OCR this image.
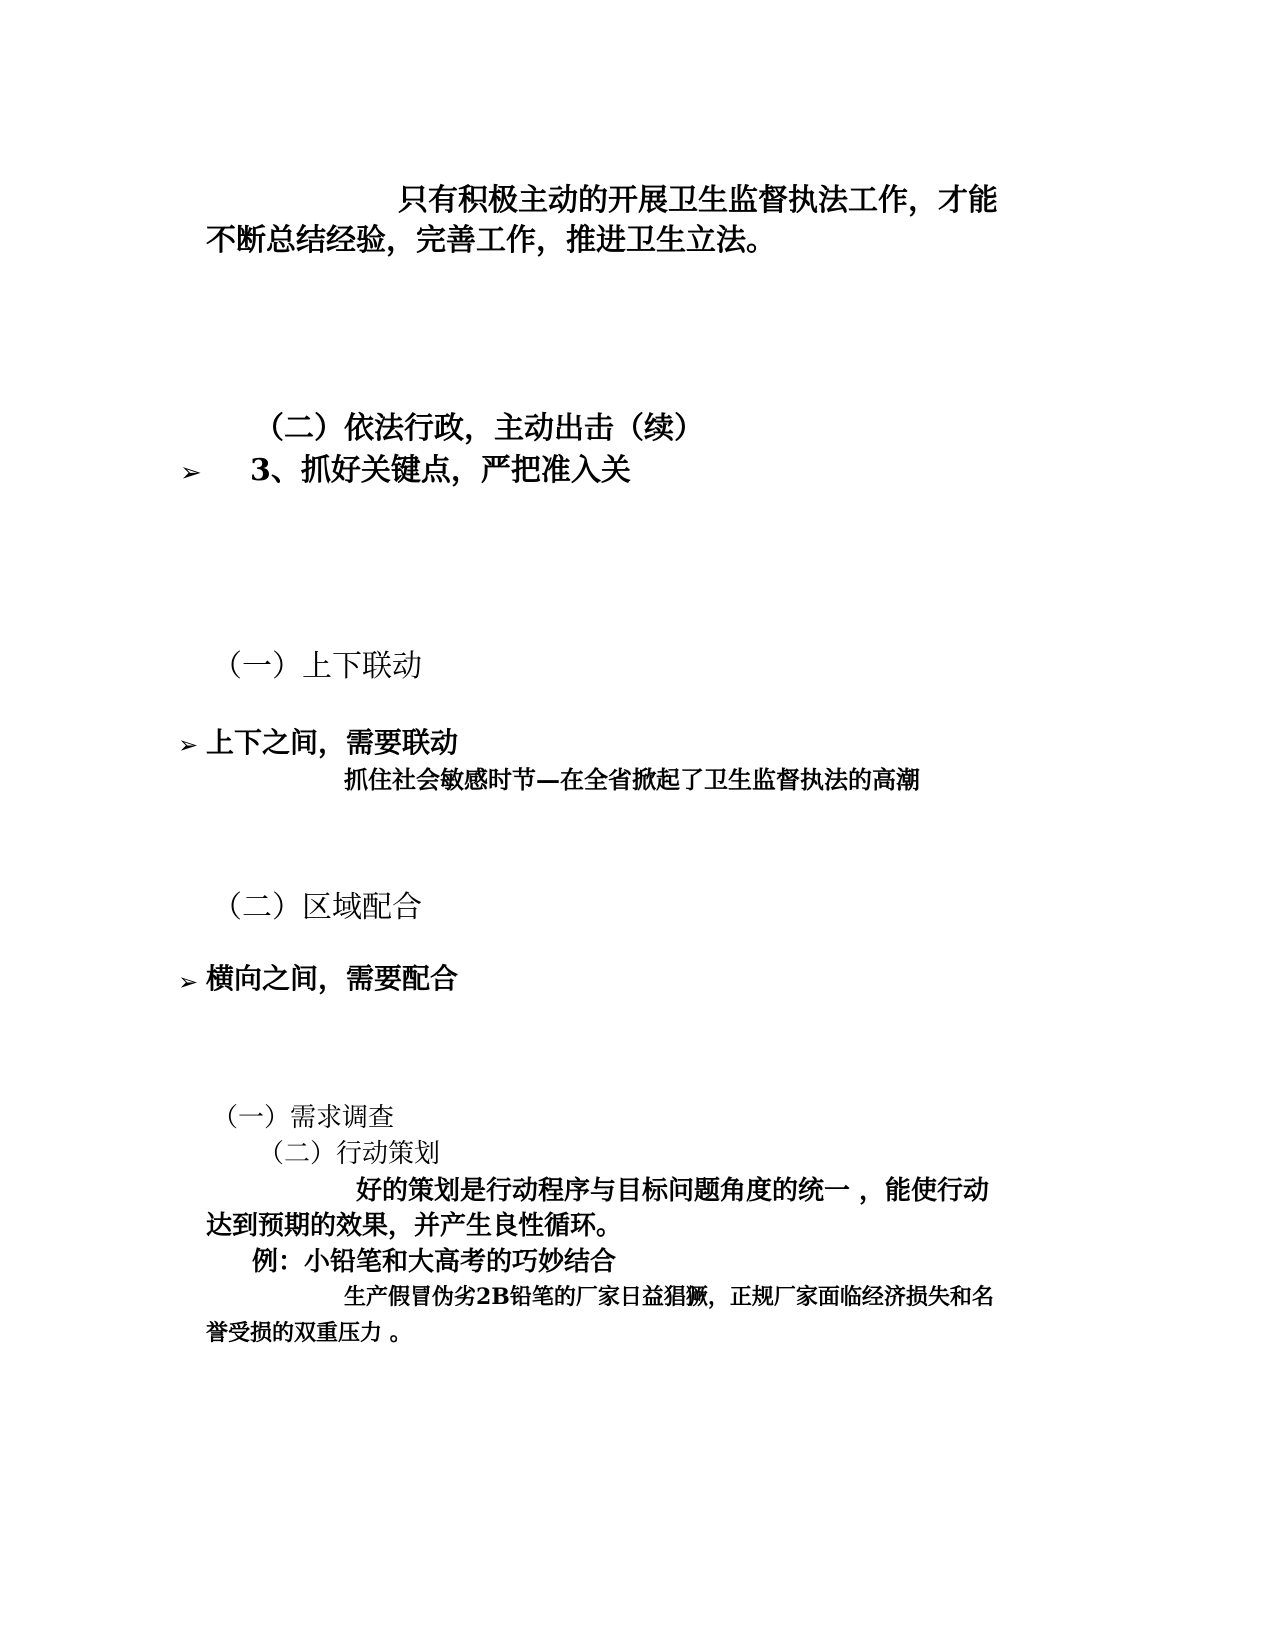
只有积极主动的开展卫生监督执法工作，才能
不断总结经验，完善工作，推进卫生立法。
（二）依法行政，主动出击（续）
➢ 3、抓好关键点，严把准入关
（一）上下联动
➢ 上下之间，需要联动
抓住社会敏感时节—在全省掀起了卫生监督执法的高潮
（二）区域配合
➢ 横向之间，需要配合
（一）需求调查
（二）行动策划
好的策划是行动程序与目标问题角度的统一 ，能使行动
达到预期的效果，并产生良性循环。
例：小铅笔和大高考的巧妙结合
生产假冒伪劣2B铅笔的厂家日益猖獗，正规厂家面临经济损失和名
誉受损的双重压力 。
